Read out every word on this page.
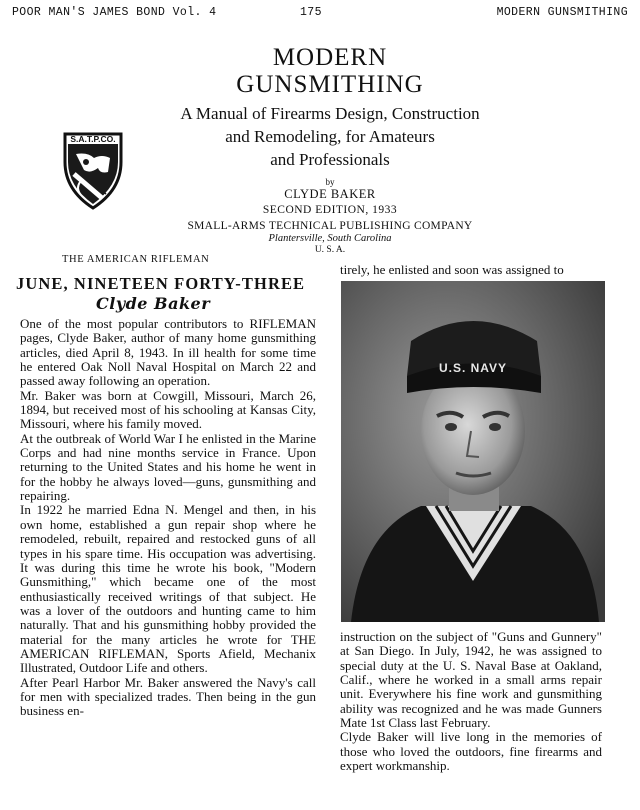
POOR MAN'S JAMES BOND Vol. 4	175	MODERN GUNSMITHING
MODERN
GUNSMITHING

A Manual of Firearms Design, Construction
and Remodeling, for Amateurs
and Professionals

by

CLYDE BAKER

SECOND EDITION, 1933

SMALL-ARMS TECHNICAL PUBLISHING COMPANY

Plantersville, South Carolina

U. S. A.

S.A.T.P.CO.
THE AMERICAN RIFLEMAN
JUNE, NINETEEN FORTY-THREE
Clyde Baker

One of the most popular contributors to RIFLEMAN pages, Clyde Baker, author of many home gunsmithing articles, died April 8, 1943. In ill health for some time he entered Oak Noll Naval Hospital on March 22 and passed away following an operation.

Mr. Baker was born at Cowgill, Missouri, March 26, 1894, but received most of his schooling at Kansas City, Missouri, where his family moved.

At the outbreak of World War I he enlisted in the Marine Corps and had nine months service in France. Upon returning to the United States and his home he went in for the hobby he always loved—guns, gunsmithing and repairing.

In 1922 he married Edna N. Mengel and then, in his own home, established a gun repair shop where he remodeled, rebuilt, repaired and restocked guns of all types in his spare time. His occupation was advertising. It was during this time he wrote his book, "Modern Gunsmithing," which became one of the most enthusiastically received writings of that subject. He was a lover of the outdoors and hunting came to him naturally. That and his gunsmithing hobby provided the material for the many articles he wrote for THE AMERICAN RIFLEMAN, Sports Afield, Mechanix Illustrated, Outdoor Life and others.

After Pearl Harbor Mr. Baker answered the Navy's call for men with specialized trades. Then being in the gun business en-

tirely, he enlisted and soon was assigned to

U.S. NAVY

instruction on the subject of "Guns and Gunnery" at San Diego. In July, 1942, he was assigned to special duty at the U. S. Naval Base at Oakland, Calif., where he worked in a small arms repair unit. Everywhere his fine work and gunsmithing ability was recognized and he was made Gunners Mate 1st Class last February.

Clyde Baker will live long in the memories of those who loved the outdoors, fine firearms and expert workmanship.
